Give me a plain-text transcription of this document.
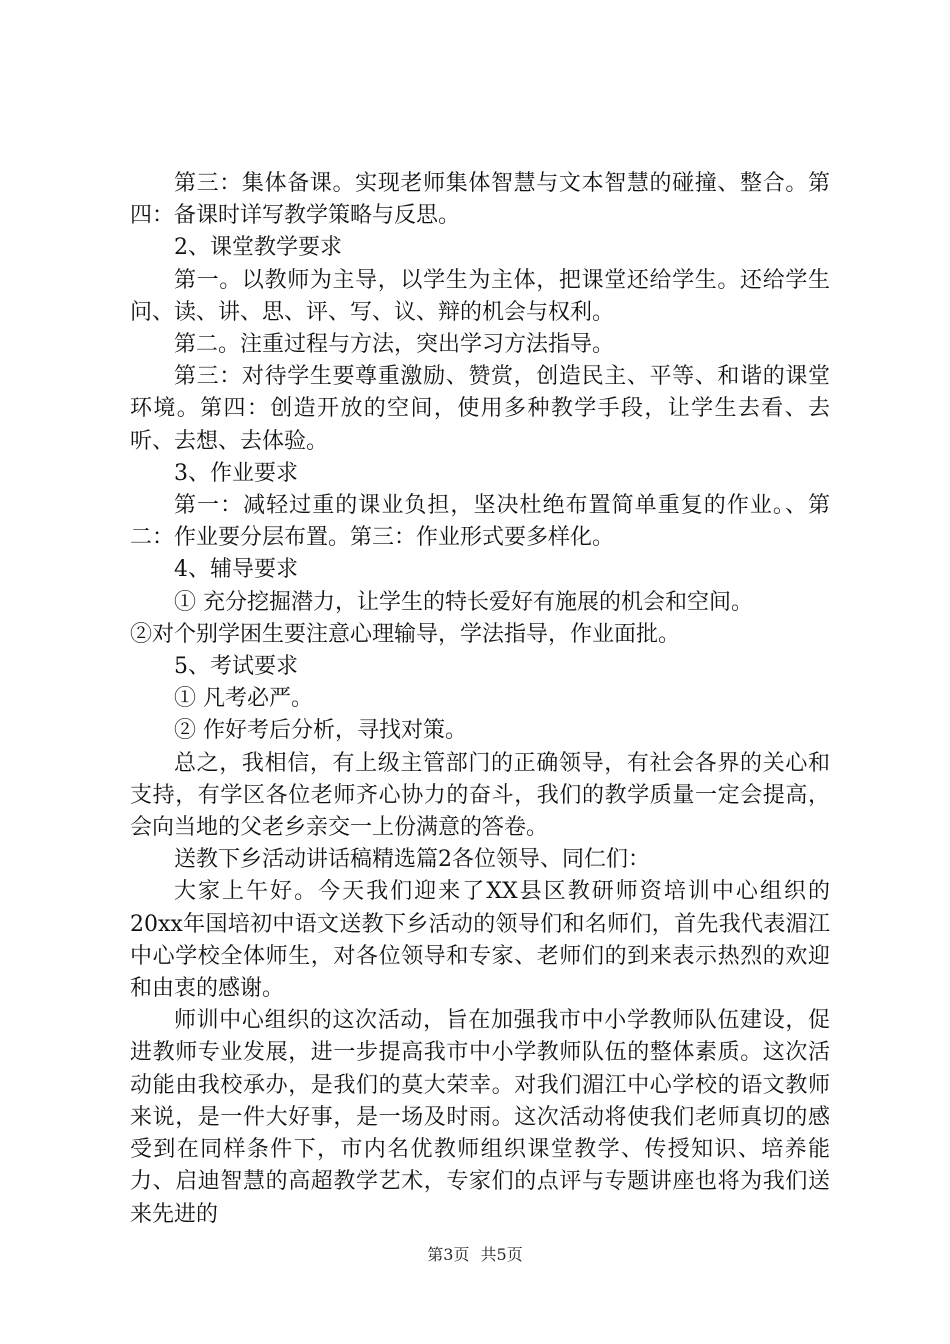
第三：集体备课。实现老师集体智慧与文本智慧的碰撞、整合。第四：备课时详写教学策略与反思。

2、课堂教学要求

第一。以教师为主导，以学生为主体，把课堂还给学生。还给学生问、读、讲、思、评、写、议、辩的机会与权利。

第二。注重过程与方法，突出学习方法指导。

第三：对待学生要尊重激励、赞赏，创造民主、平等、和谐的课堂环境。第四：创造开放的空间，使用多种教学手段，让学生去看、去听、去想、去体验。

3、作业要求

第一：减轻过重的课业负担，坚决杜绝布置简单重复的作业。、第二：作业要分层布置。第三：作业形式要多样化。

4、辅导要求

① 充分挖掘潜力，让学生的特长爱好有施展的机会和空间。

②对个别学困生要注意心理输导，学法指导，作业面批。

5、考试要求

① 凡考必严。

② 作好考后分析，寻找对策。

总之，我相信，有上级主管部门的正确领导，有社会各界的关心和支持，有学区各位老师齐心协力的奋斗，我们的教学质量一定会提高，会向当地的父老乡亲交一上份满意的答卷。

送教下乡活动讲话稿精选篇2各位领导、同仁们：

大家上午好。今天我们迎来了XX县区教研师资培训中心组织的20xx年国培初中语文送教下乡活动的领导们和名师们，首先我代表湄江中心学校全体师生，对各位领导和专家、老师们的到来表示热烈的欢迎和由衷的感谢。

师训中心组织的这次活动，旨在加强我市中小学教师队伍建设，促进教师专业发展，进一步提高我市中小学教师队伍的整体素质。这次活动能由我校承办，是我们的莫大荣幸。对我们湄江中心学校的语文教师来说，是一件大好事，是一场及时雨。这次活动将使我们老师真切的感受到在同样条件下，市内名优教师组织课堂教学、传授知识、培养能力、启迪智慧的高超教学艺术，专家们的点评与专题讲座也将为我们送来先进的

第3页 共5页
